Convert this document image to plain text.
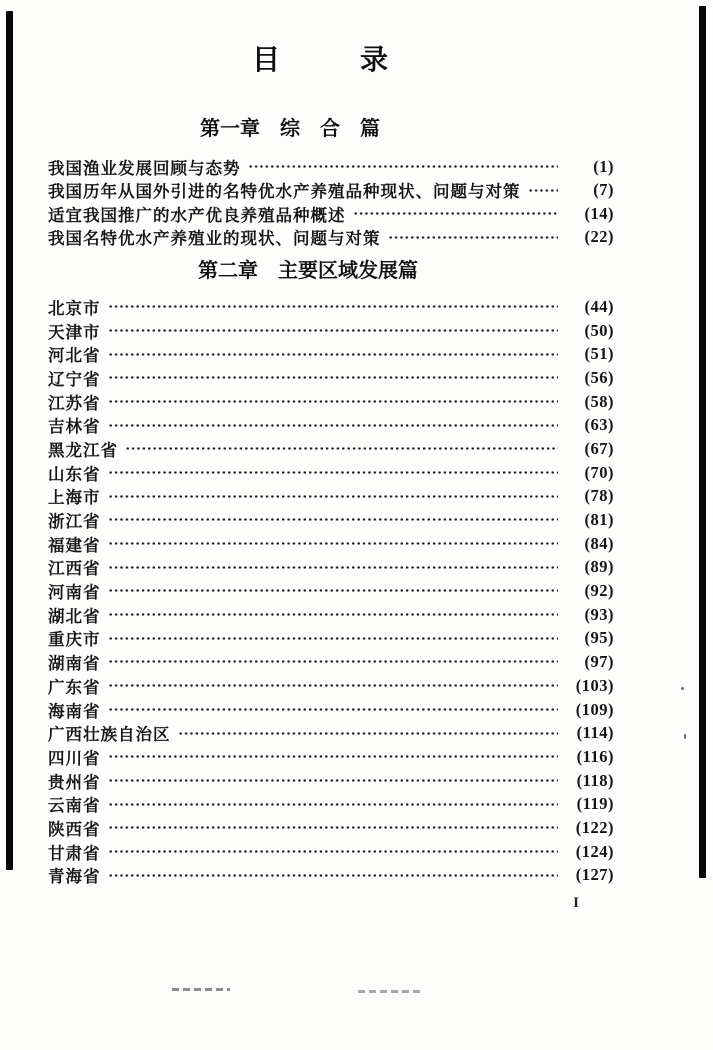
目　　录
第一章　综　合　篇
我国渔业发展回顾与态势	(1)
我国历年从国外引进的名特优水产养殖品种现状、问题与对策	(7)
适宜我国推广的水产优良养殖品种概述	(14)
我国名特优水产养殖业的现状、问题与对策	(22)
第二章　主要区域发展篇
北京市	(44)
天津市	(50)
河北省	(51)
辽宁省	(56)
江苏省	(58)
吉林省	(63)
黑龙江省	(67)
山东省	(70)
上海市	(78)
浙江省	(81)
福建省	(84)
江西省	(89)
河南省	(92)
湖北省	(93)
重庆市	(95)
湖南省	(97)
广东省	(103)
海南省	(109)
广西壮族自治区	(114)
四川省	(116)
贵州省	(118)
云南省	(119)
陕西省	(122)
甘肃省	(124)
青海省	(127)
I
